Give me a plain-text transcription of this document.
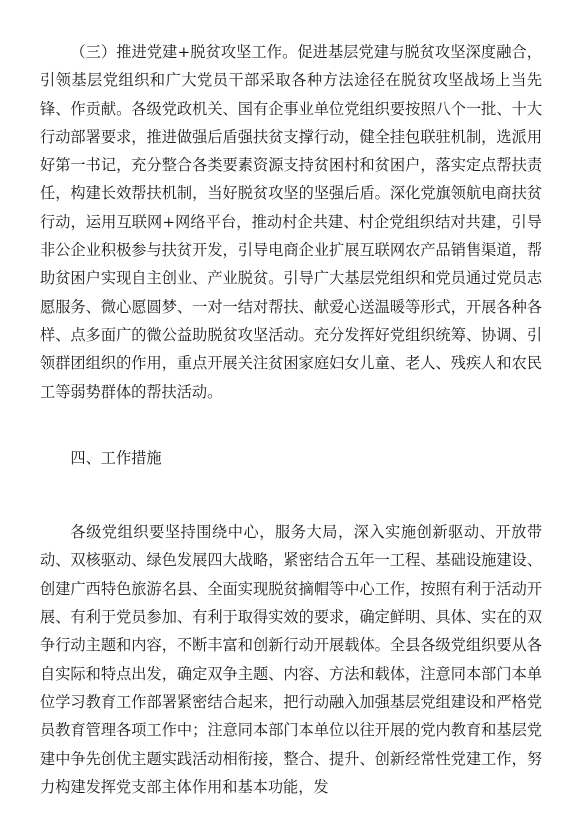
（三）推进党建+脱贫攻坚工作。促进基层党建与脱贫攻坚深度融合，引领基层党组织和广大党员干部采取各种方法途径在脱贫攻坚战场上当先锋、作贡献。各级党政机关、国有企事业单位党组织要按照八个一批、十大行动部署要求，推进做强后盾强扶贫支撑行动，健全挂包联驻机制，选派用好第一书记，充分整合各类要素资源支持贫困村和贫困户，落实定点帮扶责任，构建长效帮扶机制，当好脱贫攻坚的坚强后盾。深化党旗领航电商扶贫行动，运用互联网+网络平台，推动村企共建、村企党组织结对共建，引导非公企业积极参与扶贫开发，引导电商企业扩展互联网农产品销售渠道，帮助贫困户实现自主创业、产业脱贫。引导广大基层党组织和党员通过党员志愿服务、微心愿圆梦、一对一结对帮扶、献爱心送温暖等形式，开展各种各样、点多面广的微公益助脱贫攻坚活动。充分发挥好党组织统筹、协调、引领群团组织的作用，重点开展关注贫困家庭妇女儿童、老人、残疾人和农民工等弱势群体的帮扶活动。

四、工作措施

各级党组织要坚持围绕中心，服务大局，深入实施创新驱动、开放带动、双核驱动、绿色发展四大战略，紧密结合五年一工程、基础设施建设、创建广西特色旅游名县、全面实现脱贫摘帽等中心工作，按照有利于活动开展、有利于党员参加、有利于取得实效的要求，确定鲜明、具体、实在的双争行动主题和内容，不断丰富和创新行动开展载体。全县各级党组织要从各自实际和特点出发，确定双争主题、内容、方法和载体，注意同本部门本单位学习教育工作部署紧密结合起来，把行动融入加强基层党组建设和严格党员教育管理各项工作中；注意同本部门本单位以往开展的党内教育和基层党建中争先创优主题实践活动相衔接，整合、提升、创新经常性党建工作，努力构建发挥党支部主体作用和基本功能，发
